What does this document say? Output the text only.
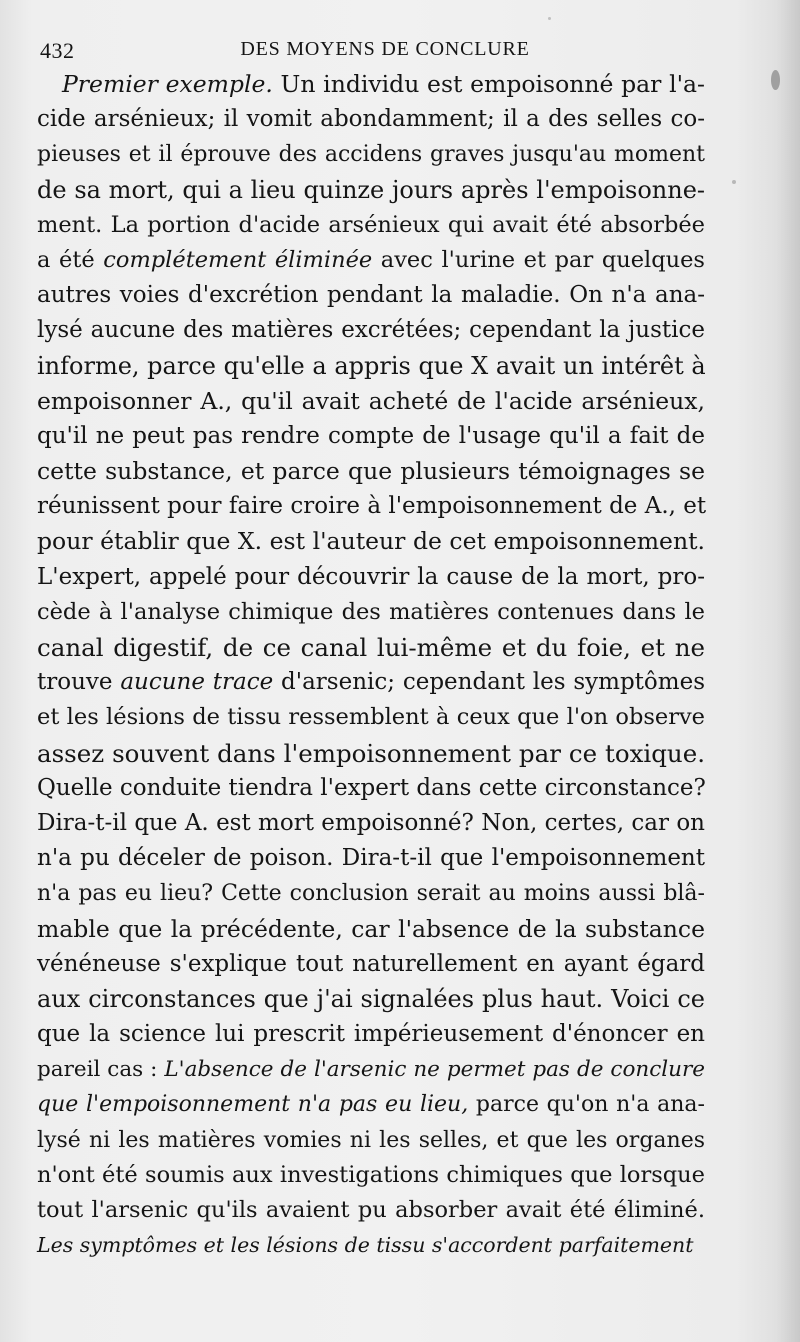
432	DES MOYENS DE CONCLURE
Premier exemple. Un individu est empoisonné par l'a-
cide arsénieux; il vomit abondamment; il a des selles co-
pieuses et il éprouve des accidens graves jusqu'au moment
de sa mort, qui a lieu quinze jours après l'empoisonne-
ment. La portion d'acide arsénieux qui avait été absorbée
a été complétement éliminée avec l'urine et par quelques
autres voies d'excrétion pendant la maladie. On n'a ana-
lysé aucune des matières excrétées; cependant la justice
informe, parce qu'elle a appris que X avait un intérêt à
empoisonner A., qu'il avait acheté de l'acide arsénieux,
qu'il ne peut pas rendre compte de l'usage qu'il a fait de
cette substance, et parce que plusieurs témoignages se
réunissent pour faire croire à l'empoisonnement de A., et
pour établir que X. est l'auteur de cet empoisonnement.
L'expert, appelé pour découvrir la cause de la mort, pro-
cède à l'analyse chimique des matières contenues dans le
canal digestif, de ce canal lui-même et du foie, et ne
trouve aucune trace d'arsenic; cependant les symptômes
et les lésions de tissu ressemblent à ceux que l'on observe
assez souvent dans l'empoisonnement par ce toxique.
Quelle conduite tiendra l'expert dans cette circonstance?
Dira-t-il que A. est mort empoisonné? Non, certes, car on
n'a pu déceler de poison. Dira-t-il que l'empoisonnement
n'a pas eu lieu? Cette conclusion serait au moins aussi blâ-
mable que la précédente, car l'absence de la substance
vénéneuse s'explique tout naturellement en ayant égard
aux circonstances que j'ai signalées plus haut. Voici ce
que la science lui prescrit impérieusement d'énoncer en
pareil cas : L'absence de l'arsenic ne permet pas de conclure
que l'empoisonnement n'a pas eu lieu, parce qu'on n'a ana-
lysé ni les matières vomies ni les selles, et que les organes
n'ont été soumis aux investigations chimiques que lorsque
tout l'arsenic qu'ils avaient pu absorber avait été éliminé.
Les symptômes et les lésions de tissu s'accordent parfaitement
